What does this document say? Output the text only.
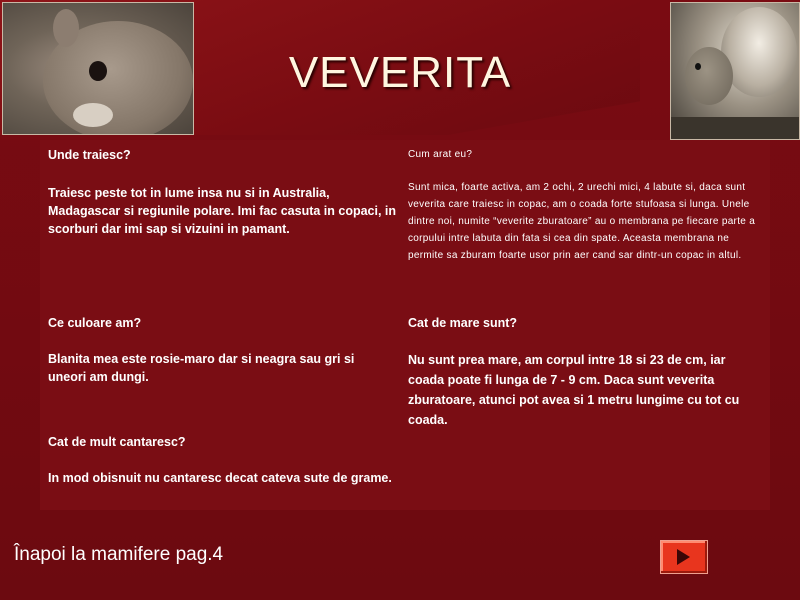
VEVERITA

Unde traiesc?

Traiesc peste tot in lume insa nu si in Australia, Madagascar si regiunile polare. Imi fac casuta in copaci, in scorburi dar imi sap si vizuini in pamant.

Ce culoare am?

Blanita mea este rosie-maro dar si neagra sau gri si uneori am dungi.

Cat de mult cantaresc?

In mod obisnuit nu cantaresc decat cateva sute de grame.

Cum arat eu?

Sunt mica, foarte activa, am 2 ochi, 2 urechi mici, 4 labute si, daca sunt veverita care traiesc in copac, am o coada forte stufoasa si lunga. Unele dintre noi, numite “veverite zburatoare” au o membrana pe fiecare parte a corpului intre labuta din fata si cea din spate. Aceasta membrana ne permite sa zburam foarte usor prin aer cand sar dintr-un copac in altul.

Cat de mare sunt?

Nu sunt prea mare, am corpul intre 18 si 23 de cm, iar coada poate fi lunga de 7 - 9 cm. Daca sunt veverita zburatoare, atunci pot avea si 1 metru lungime cu tot cu coada.

Înapoi la mamifere pag.4
